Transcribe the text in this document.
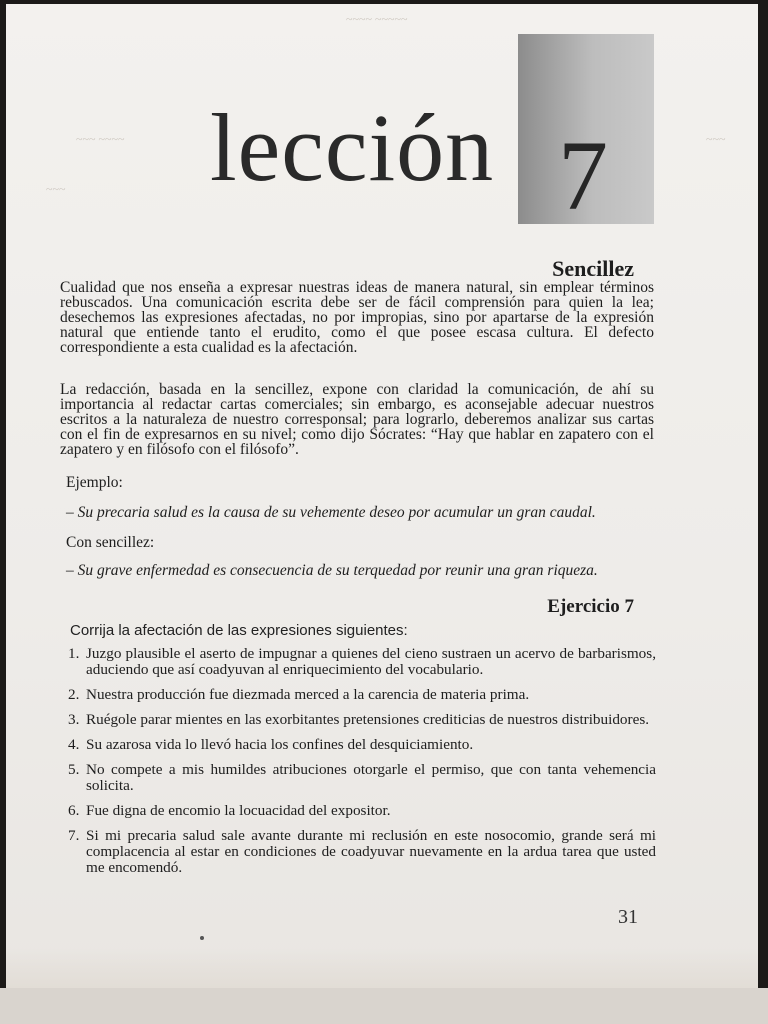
~~~~ ~~~~~
~~~ ~~~~	~~~
~~~	7
lección
Sencillez

Cualidad que nos enseña a expresar nuestras ideas de manera natural, sin emplear términos rebuscados. Una comunicación escrita debe ser de fácil comprensión para quien la lea; desechemos las expresiones afectadas, no por impropias, sino por apartarse de la expresión natural que entiende tanto el erudito, como el que posee escasa cultura. El defecto correspondiente a esta cualidad es la afectación.

La redacción, basada en la sencillez, expone con claridad la comunicación, de ahí su importancia al redactar cartas comerciales; sin embargo, es aconsejable adecuar nuestros escritos a la naturaleza de nuestro corresponsal; para lograrlo, deberemos analizar sus cartas con el fin de expresarnos en su nivel; como dijo Sócrates: “Hay que hablar en zapatero con el zapatero y en filósofo con el filósofo”.

Ejemplo:
– Su precaria salud es la causa de su vehemente deseo por acumular un gran caudal.
Con sencillez:
– Su grave enfermedad es consecuencia de su terquedad por reunir una gran riqueza.
Ejercicio 7
Corrija la afectación de las expresiones siguientes:
1. Juzgo plausible el aserto de impugnar a quienes del cieno sustraen un acervo de barbarismos, aduciendo que así coadyuvan al enriquecimiento del vocabulario.
2. Nuestra producción fue diezmada merced a la carencia de materia prima.
3. Ruégole parar mientes en las exorbitantes pretensiones crediticias de nuestros distribuidores.
4. Su azarosa vida lo llevó hacia los confines del desquiciamiento.
5. No compete a mis humildes atribuciones otorgarle el permiso, que con tanta vehemencia solicita.
6. Fue digna de encomio la locuacidad del expositor.
7. Si mi precaria salud sale avante durante mi reclusión en este nosocomio, grande será mi complacencia al estar en condiciones de coadyuvar nuevamente en la ardua tarea que usted me encomendó.
31
